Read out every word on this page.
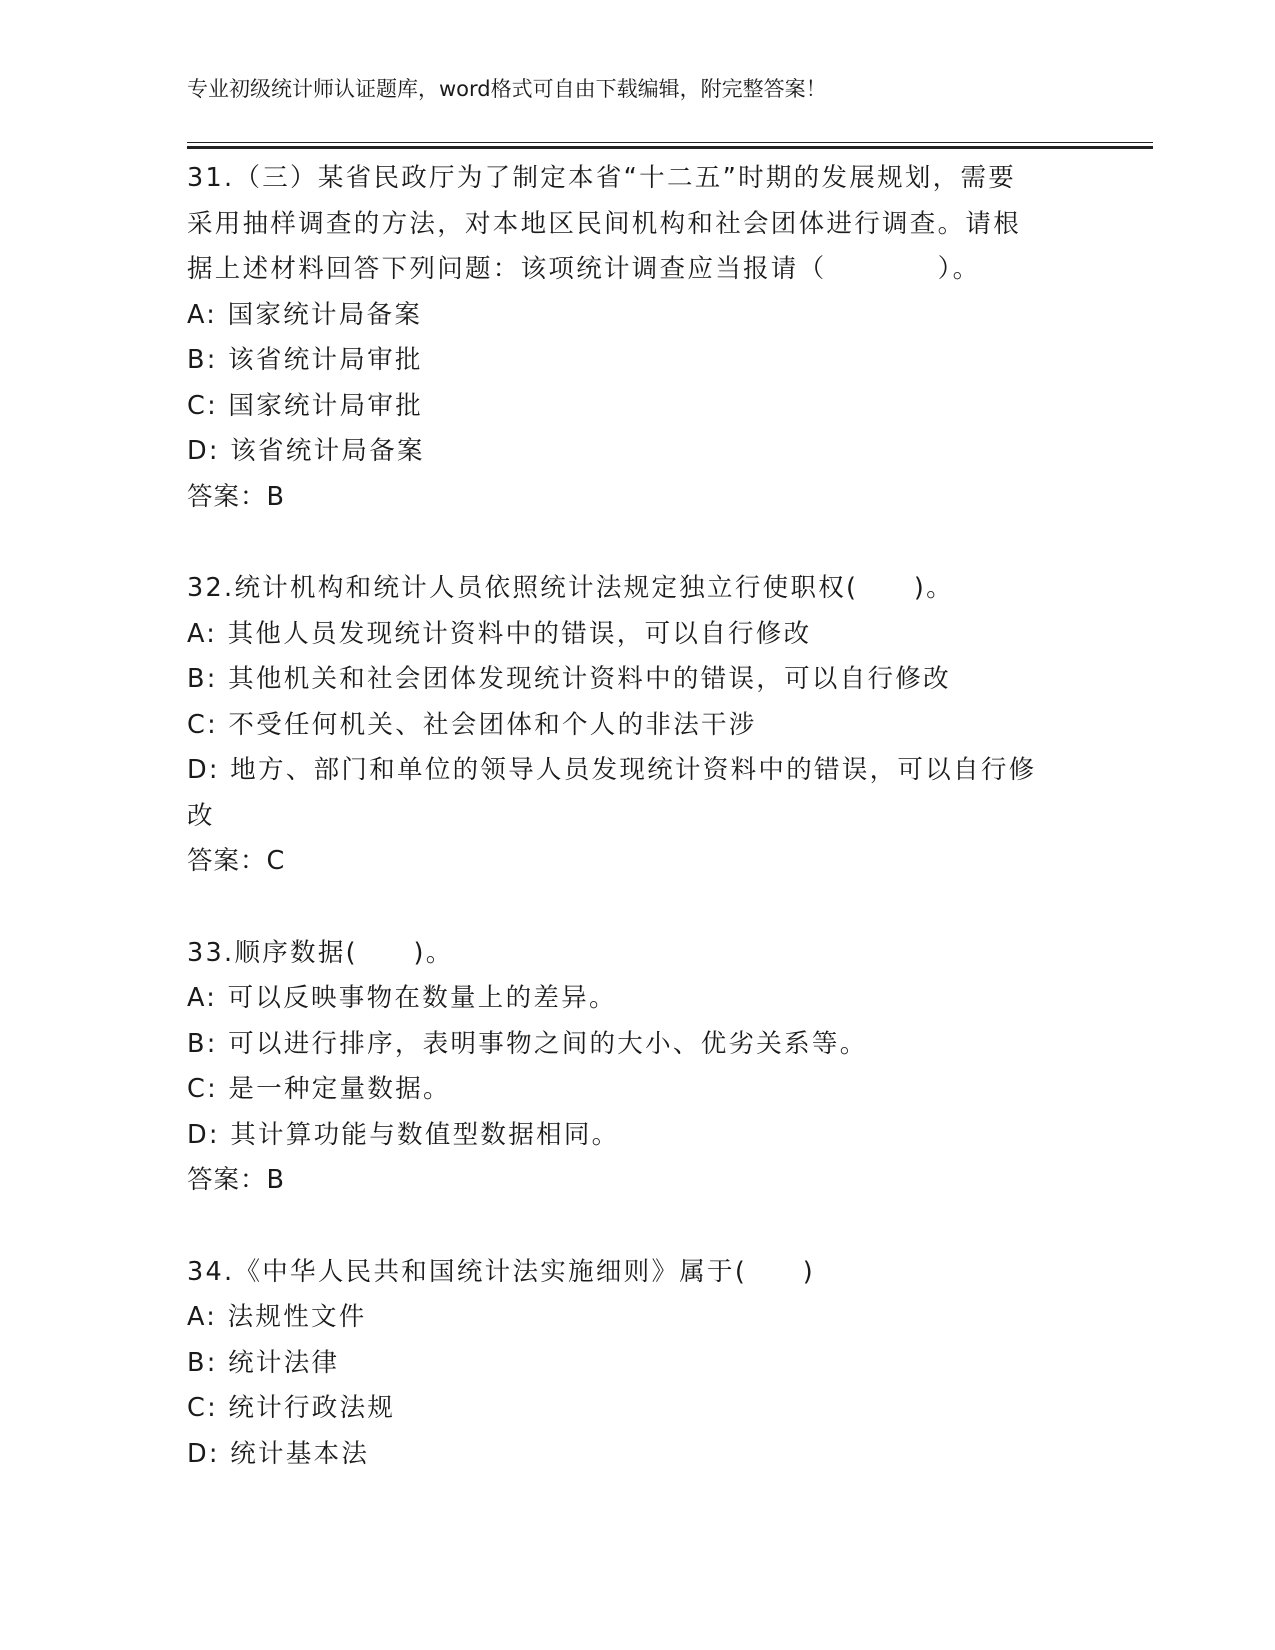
专业初级统计师认证题库，word格式可自由下载编辑，附完整答案！
31.（三）某省民政厅为了制定本省“十二五”时期的发展规划，需要
采用抽样调查的方法，对本地区民间机构和社会团体进行调查。请根
据上述材料回答下列问题：该项统计调查应当报请（　　　　）。
A: 国家统计局备案
B: 该省统计局审批
C: 国家统计局审批
D: 该省统计局备案
答案：B
32.统计机构和统计人员依照统计法规定独立行使职权(　　)。
A: 其他人员发现统计资料中的错误，可以自行修改
B: 其他机关和社会团体发现统计资料中的错误，可以自行修改
C: 不受任何机关、社会团体和个人的非法干涉
D: 地方、部门和单位的领导人员发现统计资料中的错误，可以自行修
改
答案：C
33.顺序数据(　　)。
A: 可以反映事物在数量上的差异。
B: 可以进行排序，表明事物之间的大小、优劣关系等。
C: 是一种定量数据。
D: 其计算功能与数值型数据相同。
答案：B
34.《中华人民共和国统计法实施细则》属于(　　)
A: 法规性文件
B: 统计法律
C: 统计行政法规
D: 统计基本法
